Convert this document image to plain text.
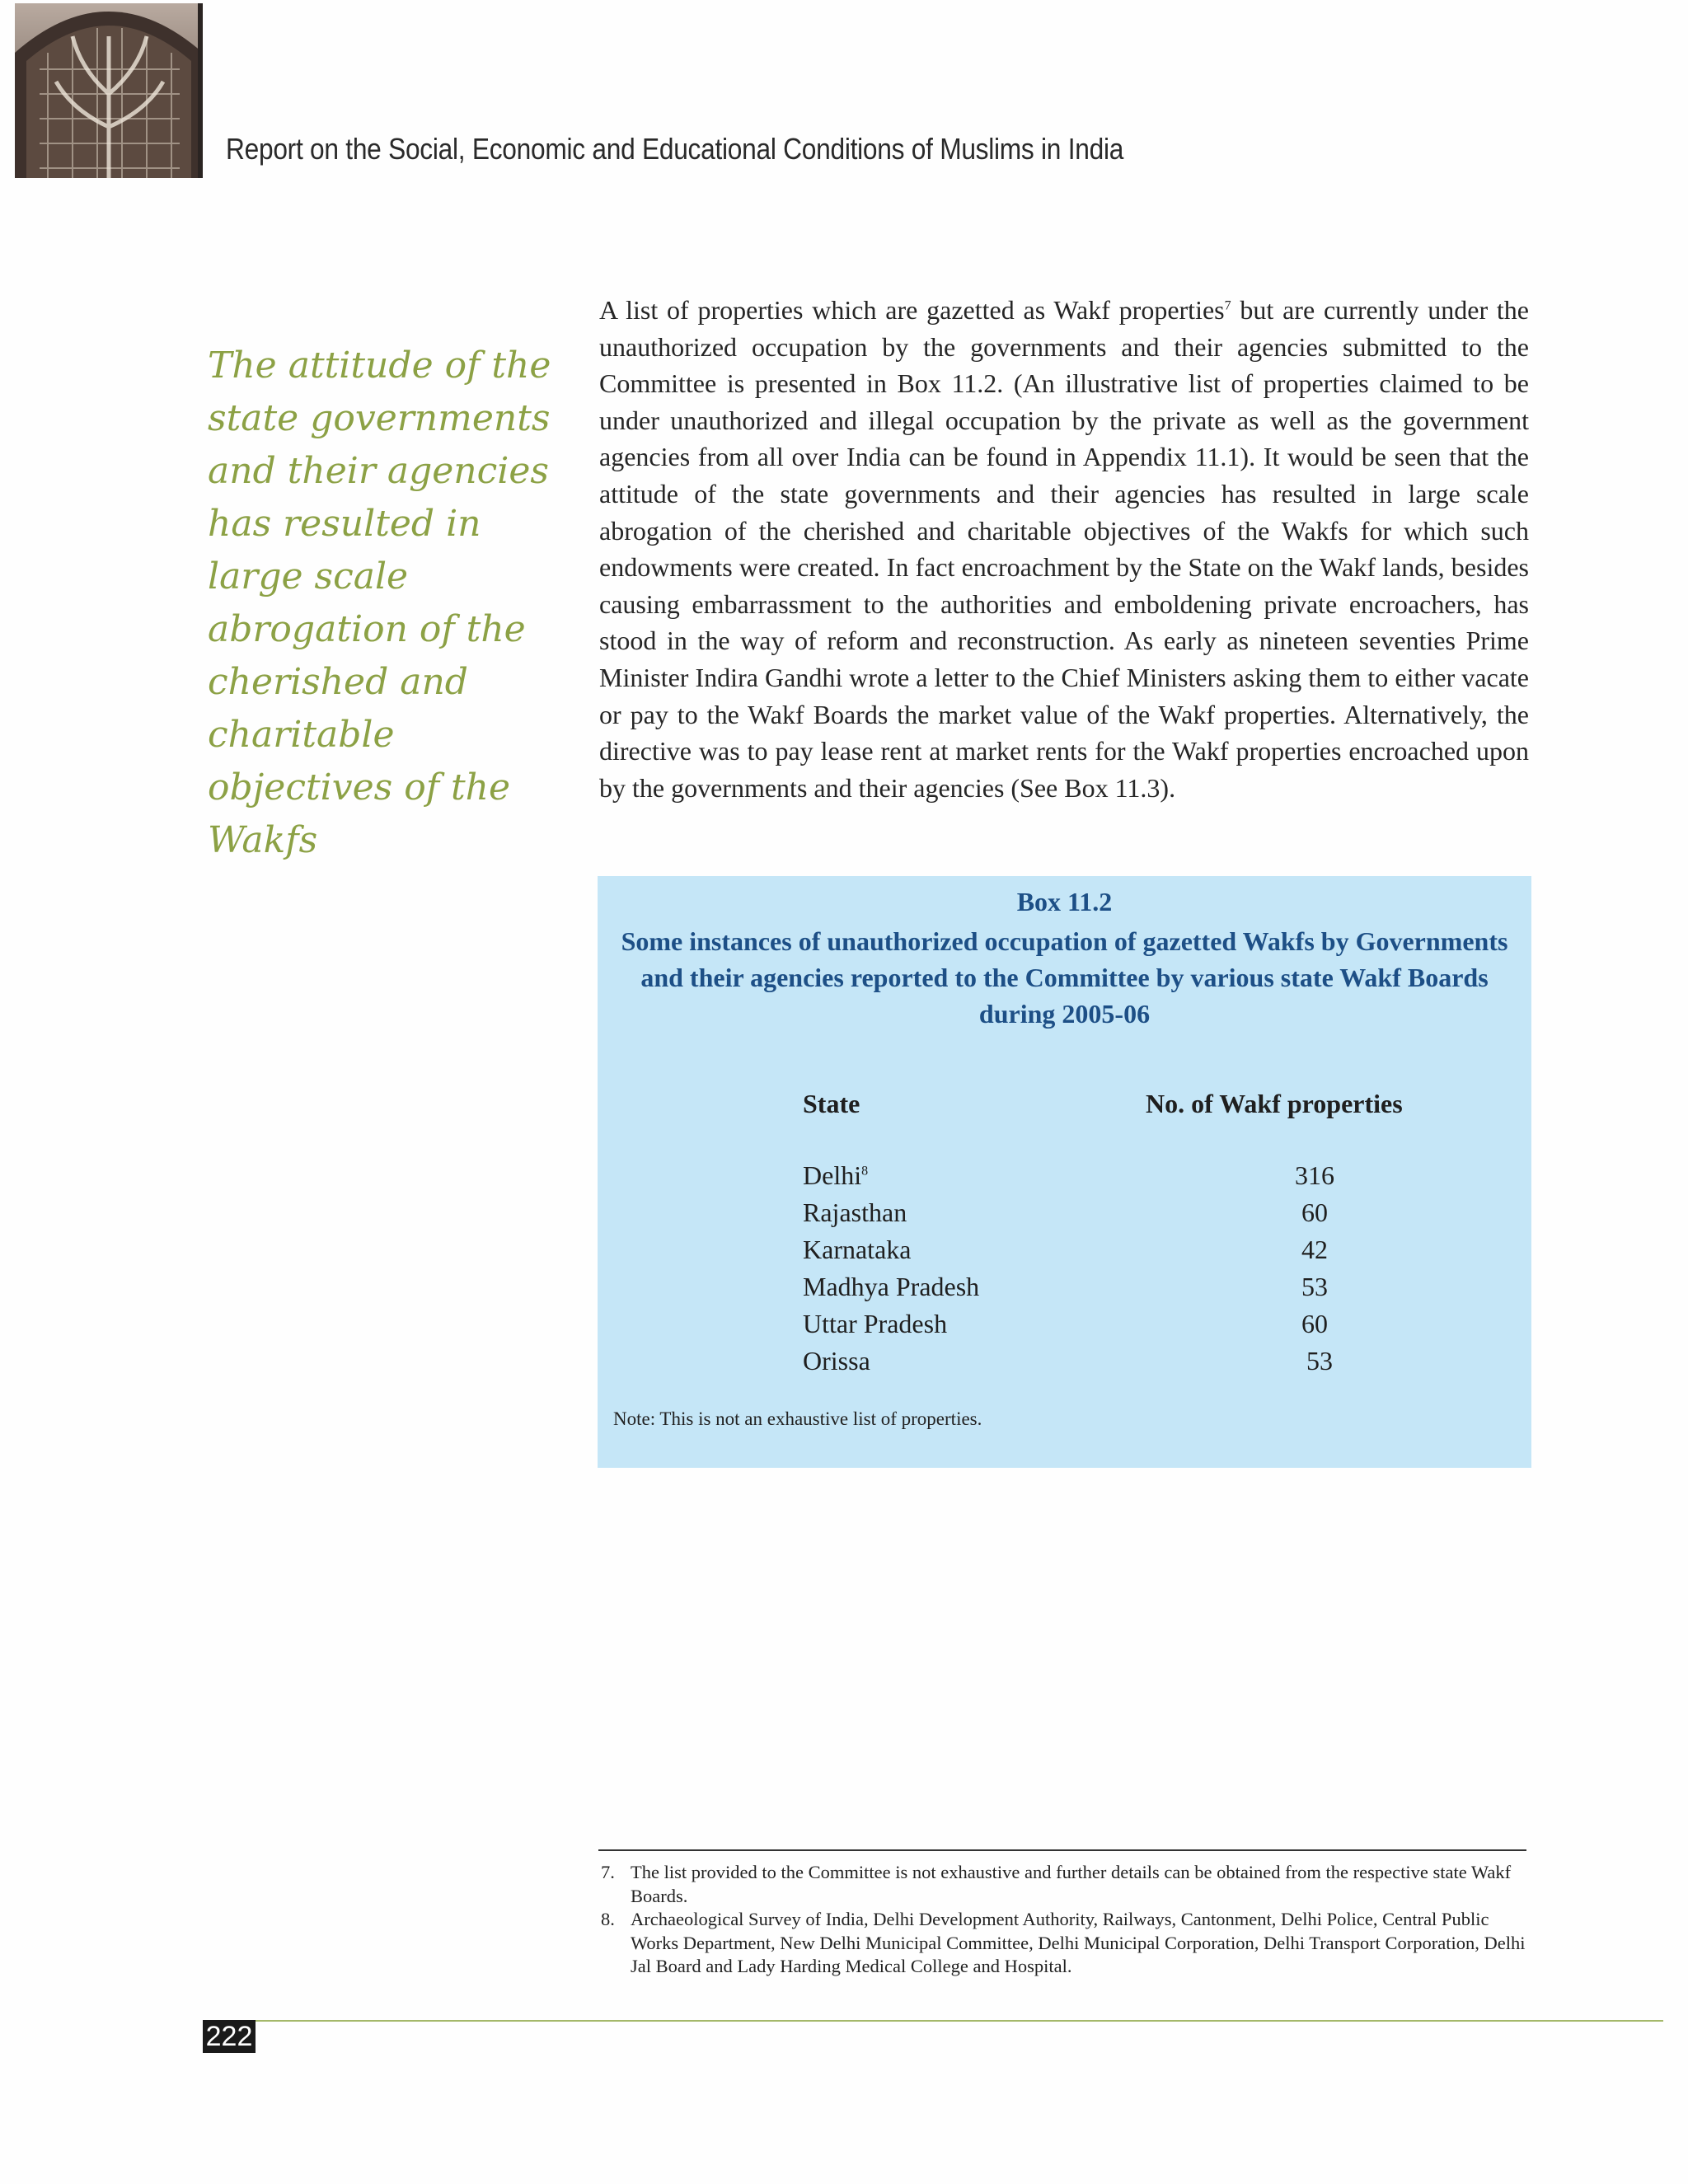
Report on the Social, Economic and Educational Conditions of Muslims in India
The attitude of the state governments and their agencies has resulted in large scale abrogation of the cherished and charitable objectives of the Wakfs
A list of properties which are gazetted as Wakf properties$^7$ but are currently under the unauthorized occupation by the governments and their agencies submitted to the Committee is presented in Box 11.2. (An illustrative list of properties claimed to be under unauthorized and illegal occupation by the private as well as the government agencies from all over India can be found in Appendix 11.1). It would be seen that the attitude of the state governments and their agencies has resulted in large scale abrogation of the cherished and charitable objectives of the Wakfs for which such endowments were created. In fact encroachment by the State on the Wakf lands, besides causing embarrassment to the authorities and emboldening private encroachers, has stood in the way of reform and reconstruction. As early as nineteen seventies Prime Minister Indira Gandhi wrote a letter to the Chief Ministers asking them to either vacate or pay to the Wakf Boards the market value of the Wakf properties. Alternatively, the directive was to pay lease rent at market rents for the Wakf properties encroached upon by the governments and their agencies (See Box 11.3).
Box 11.2
Some instances of unauthorized occupation of gazetted Wakfs by Governments and their agencies reported to the Committee by various state Wakf Boards during 2005-06
State	No. of Wakf properties
Delhi$^8$	316
Rajasthan	60
Karnataka	42
Madhya Pradesh	53
Uttar Pradesh	60
Orissa	53
Note: This is not an exhaustive list of properties.
7. The list provided to the Committee is not exhaustive and further details can be obtained from the respective state Wakf Boards.
8. Archaeological Survey of India, Delhi Development Authority, Railways, Cantonment, Delhi Police, Central Public Works Department, New Delhi Municipal Committee, Delhi Municipal Corporation, Delhi Transport Corporation, Delhi Jal Board and Lady Harding Medical College and Hospital.
222
